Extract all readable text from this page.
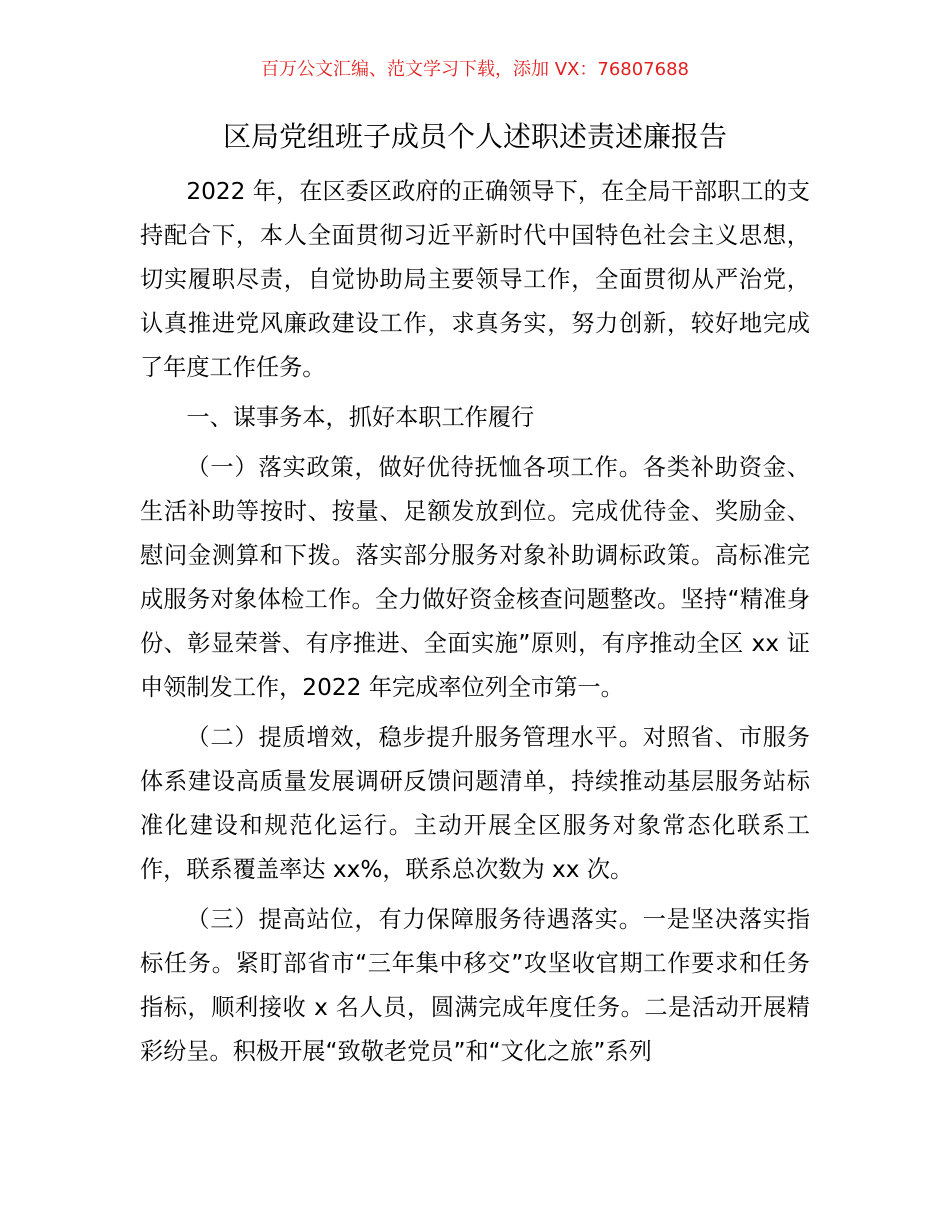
百万公文汇编、范文学习下载，添加 VX：76807688
区局党组班子成员个人述职述责述廉报告

2022 年，在区委区政府的正确领导下，在全局干部职工的支持配合下，本人全面贯彻习近平新时代中国特色社会主义思想，切实履职尽责，自觉协助局主要领导工作，全面贯彻从严治党，认真推进党风廉政建设工作，求真务实，努力创新，较好地完成了年度工作任务。

一、谋事务本，抓好本职工作履行

（一）落实政策，做好优待抚恤各项工作。各类补助资金、生活补助等按时、按量、足额发放到位。完成优待金、奖励金、慰问金测算和下拨。落实部分服务对象补助调标政策。高标准完成服务对象体检工作。全力做好资金核查问题整改。坚持“精准身份、彰显荣誉、有序推进、全面实施”原则，有序推动全区 xx 证申领制发工作，2022 年完成率位列全市第一。

（二）提质增效，稳步提升服务管理水平。对照省、市服务体系建设高质量发展调研反馈问题清单，持续推动基层服务站标准化建设和规范化运行。主动开展全区服务对象常态化联系工作，联系覆盖率达 xx%，联系总次数为 xx 次。

（三）提高站位，有力保障服务待遇落实。一是坚决落实指标任务。紧盯部省市“三年集中移交”攻坚收官期工作要求和任务指标，顺利接收 x 名人员，圆满完成年度任务。二是活动开展精彩纷呈。积极开展“致敬老党员”和“文化之旅”系列
